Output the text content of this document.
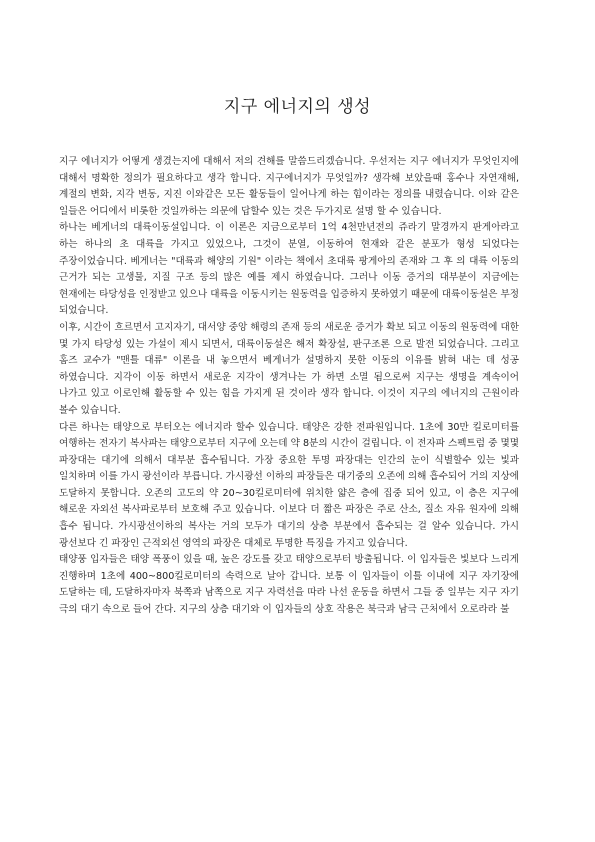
지구 에너지의 생성

지구 에너지가 어떻게 생겼는지에 대해서 저의 견해를 말씀드리겠습니다. 우선저는 지구 에너지가 무엇인지에 대해서 명확한 정의가 필요하다고 생각 합니다. 지구에너지가 무엇일까? 생각해 보았을때 홍수나 자연재해, 계절의 변화, 지각 변동, 지진 이와같은 모든 활동들이 일어나게 하는 힘이라는 정의를 내렸습니다. 이와 같은 일들은 어디에서 비롯한 것일까하는 의문에 답할수 있는 것은 두가지로 설명 할 수 있습니다.

하나는 베게너의 대륙이동설입니다. 이 이론은 지금으로부터 1억 4천만년전의 쥬라기 말경까지 판게아라고 하는 하나의 초 대륙을 가지고 있었으나, 그것이 분열, 이동하여 현재와 같은 분포가 형성 되었다는 주장이었습니다. 베게너는 "대륙과 해양의 기원" 이라는 책에서 초대륙 팡게아의 존재와 그 후 의 대륙 이동의 근거가 되는 고생물, 지질 구조 등의 많은 예를 제시 하였습니다. 그러나 이동 증거의 대부분이 지금에는 현재에는 타당성을 인정받고 있으나 대륙을 이동시키는 원동력을 입증하지 못하였기 때문에 대륙이동설은 부정 되었습니다.

이후, 시간이 흐르면서 고지자기, 대서양 중앙 해령의 존재 등의 새로운 증거가 확보 되고 이동의 원동력에 대한 몇 가지 타당성 있는 가설이 제시 되면서, 대륙이동설은 해저 확장설, 판구조론 으로 발전 되었습니다. 그리고 홈즈 교수가 "맨틀 대류" 이론을 내 놓으면서 베게너가 설명하지 못한 이동의 이유를 밝혀 내는 데 성공 하였습니다. 지각이 이동 하면서 새로운 지각이 생겨나는 가 하면 소멸 됨으로써 지구는 생명을 계속이어 나가고 있고 이로인해 활동할 수 있는 힘을 가지게 된 것이라 생각 합니다. 이것이 지구의 에너지의 근원이라 볼수 있습니다.

다른 하나는 태양으로 부터오는 에너지라 할수 있습니다. 태양은 강한 전파원입니다. 1초에 30만 킬로미터를 여행하는 전자기 복사파는 태양으로부터 지구에 오는데 약 8분의 시간이 걸립니다. 이 전자파 스펙트럼 중 몇몇 파장대는 대기에 의해서 대부분 흡수됩니다. 가장 중요한 투명 파장대는 인간의 눈이 식별할수 있는 빛과 일치하며 이를 가시 광선이라 부릅니다. 가시광선 이하의 파장들은 대기중의 오존에 의해 흡수되어 거의 지상에 도달하지 못합니다. 오존의 고도의 약 20~30킬로미터에 위치한 얇은 층에 집중 되어 있고, 이 층은 지구에 해로운 자외선 복사파로부터 보호해 주고 있습니다. 이보다 더 짧은 파장은 주로 산소, 질소 자유 원자에 의해 흡수 됩니다. 가시광선이하의 복사는 거의 모두가 대기의 상층 부분에서 흡수되는 걸 알수 있습니다. 가시 광선보다 긴 파장인 근적외선 영역의 파장은 대체로 투명한 특징을 가지고 있습니다.

태양풍 입자들은 태양 폭풍이 있을 때, 높은 강도를 갖고 태양으로부터 방출됩니다. 이 입자들은 빛보다 느리게 진행하며 1초에 400~800킬로미터의 속력으로 날아 갑니다. 보통 이 입자들이 이틀 이내에 지구 자기장에 도달하는 데, 도달하자마자 북쪽과 남쪽으로 지구 자력선을 따라 나선 운동을 하면서 그들 중 일부는 지구 자기 극의 대기 속으로 들어 간다. 지구의 상층 대기와 이 입자들의 상호 작용은 북극과 남극 근처에서 오로라라 불
